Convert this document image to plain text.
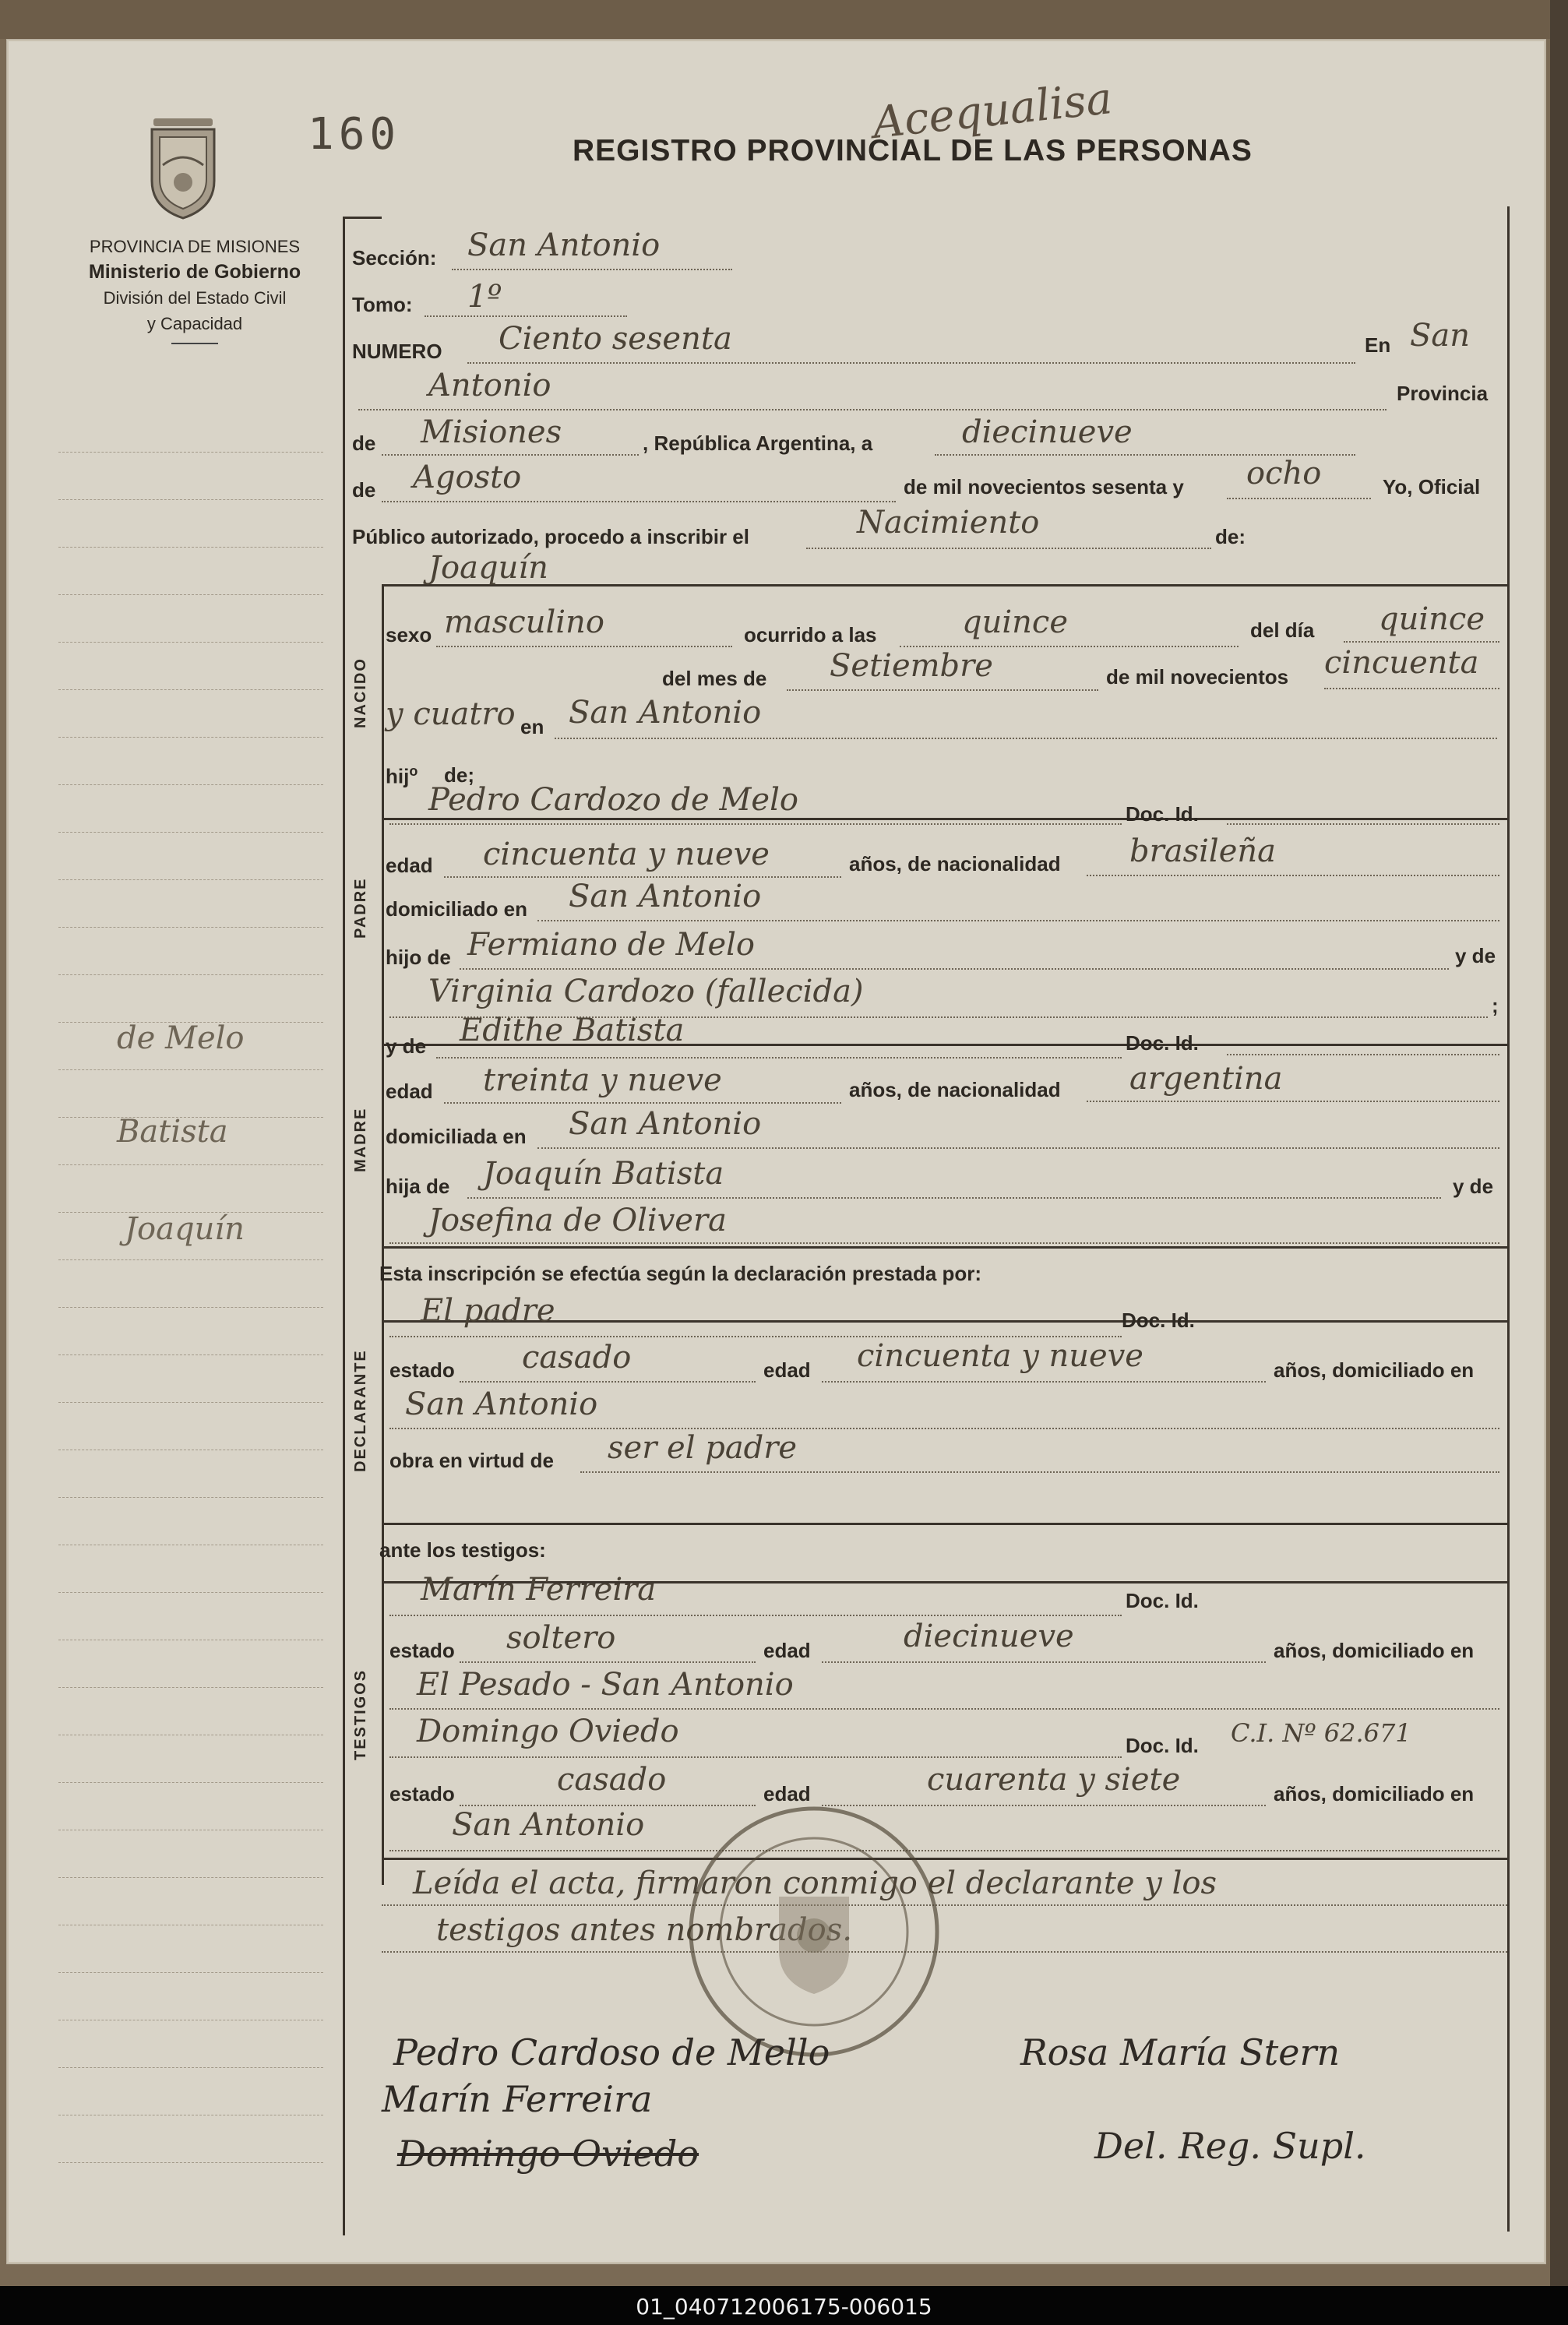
160	REGISTRO PROVINCIAL DE LAS PERSONAS
Acequalisa
PROVINCIA DE MISIONES
Ministerio de Gobierno
División del Estado Civil
y Capacidad
de Melo
Batista
Joaquín
NACIDO
PADRE
MADRE
DECLARANTE
TESTIGOS
Sección: San Antonio
Tomo: 1º
NUMERO Ciento sesenta	En San
Antonio	Provincia
de Misiones	, República Argentina, a	diecinueve
de Agosto	de mil novecientos sesenta y ocho	Yo, Oficial
Público autorizado, procedo a inscribir el	Nacimiento	de:
Joaquín
sexo masculino	ocurrido a las	quince	del día quince
del mes de Setiembre	de mil novecientos cincuenta
y cuatro en San Antonio
hij$^o$ de;
Pedro Cardozo de Melo	Doc. Id.
edad cincuenta y nueve	años, de nacionalidad brasileña
domiciliado en San Antonio
hijo de Fermiano de Melo	y de
Virginia Cardozo (fallecida)	;
y de Edithe Batista	Doc. Id.
edad treinta y nueve	años, de nacionalidad argentina
domiciliada en San Antonio
hija de Joaquín Batista	y de
Josefina de Olivera
Esta inscripción se efectúa según la declaración prestada por:
El padre	Doc. Id.
estado casado	edad cincuenta y nueve	años, domiciliado en
San Antonio
obra en virtud de ser el padre
ante los testigos:
Marín Ferreira	Doc. Id.
estado soltero	edad	diecinueve	años, domiciliado en
El Pesado - San Antonio
Domingo Oviedo	Doc. Id. C.I. Nº 62.671
estado	casado	edad	cuarenta y siete	años, domiciliado en
San Antonio
Leída el acta, firmaron conmigo el declarante y los
testigos antes nombrados.
Pedro Cardoso de Mello
Marín Ferreira
Domingo Oviedo
Rosa María Stern
Del. Reg. Supl.
01_040712006175-006015
